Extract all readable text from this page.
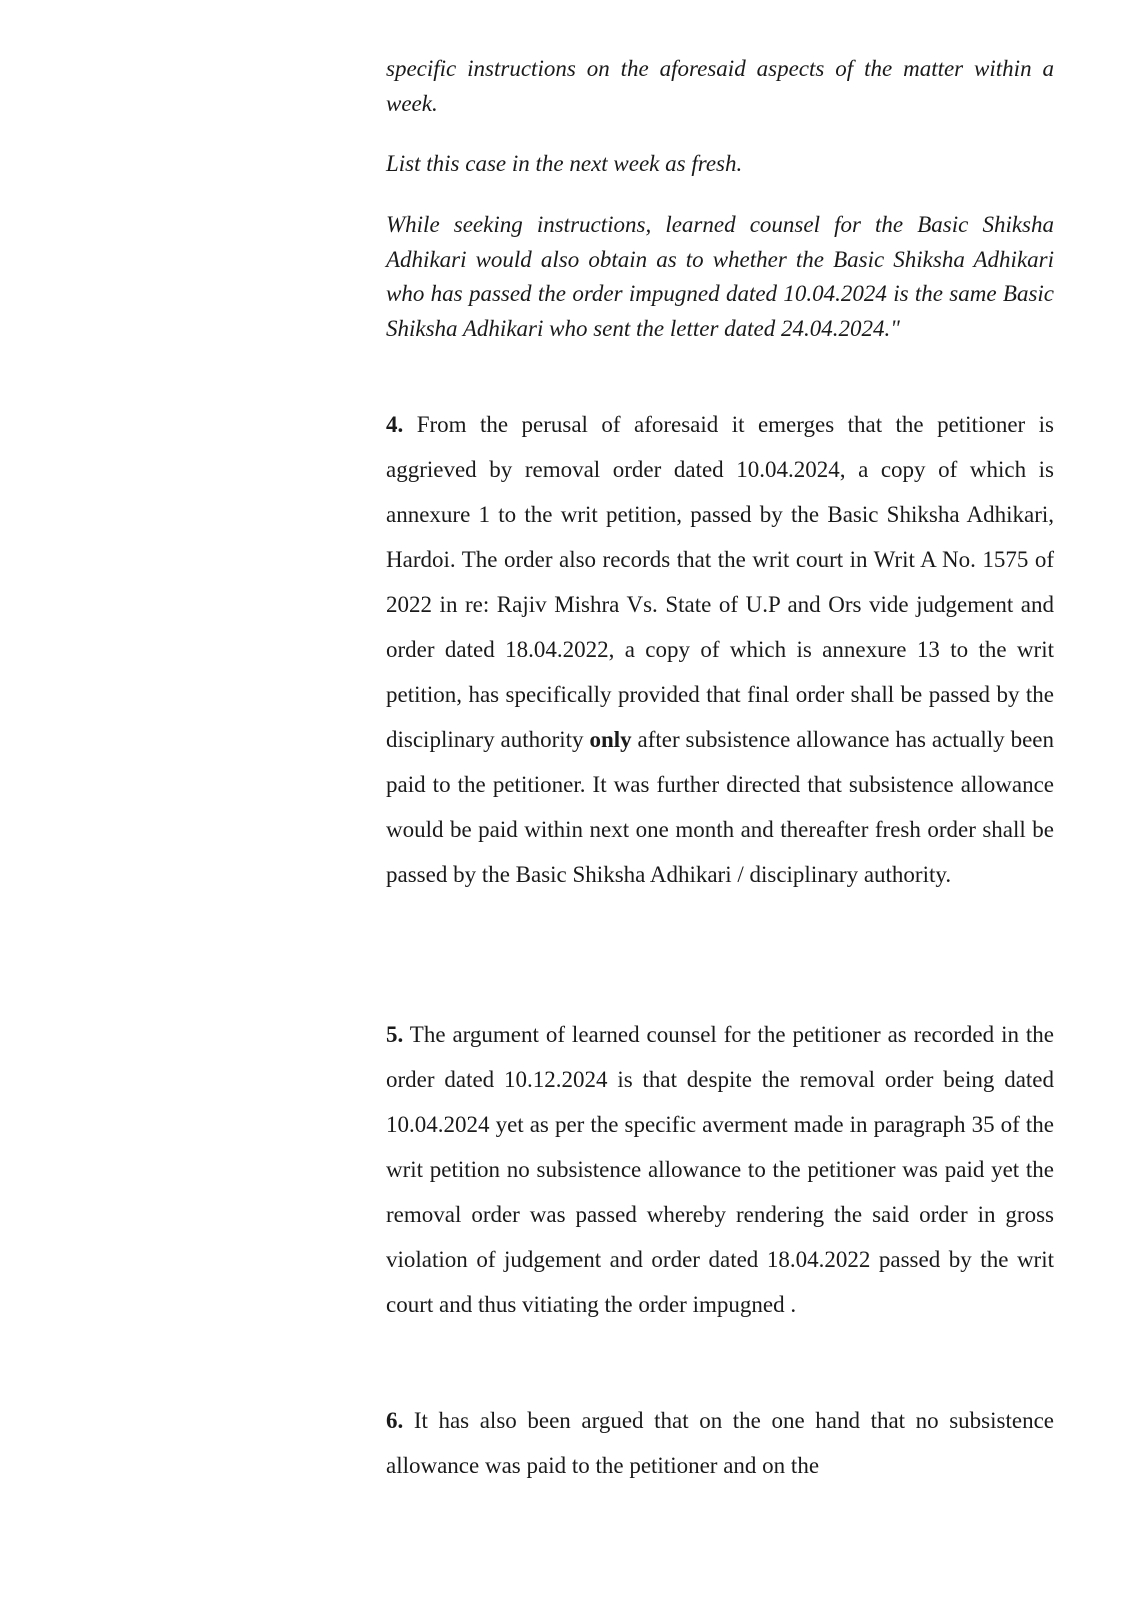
specific instructions on the aforesaid aspects of the matter within a week.

List this case in the next week as fresh.

While seeking instructions, learned counsel for the Basic Shiksha Adhikari would also obtain as to whether the Basic Shiksha Adhikari who has passed the order impugned dated 10.04.2024 is the same Basic Shiksha Adhikari who sent the letter dated 24.04.2024."

4. From the perusal of aforesaid it emerges that the petitioner is aggrieved by removal order dated 10.04.2024, a copy of which is annexure 1 to the writ petition, passed by the Basic Shiksha Adhikari, Hardoi. The order also records that the writ court in Writ A No. 1575 of 2022 in re: Rajiv Mishra Vs. State of U.P and Ors vide judgement and order dated 18.04.2022, a copy of which is annexure 13 to the writ petition, has specifically provided that final order shall be passed by the disciplinary authority only after subsistence allowance has actually been paid to the petitioner. It was further directed that subsistence allowance would be paid within next one month and thereafter fresh order shall be passed by the Basic Shiksha Adhikari / disciplinary authority.

5. The argument of learned counsel for the petitioner as recorded in the order dated 10.12.2024 is that despite the removal order being dated 10.04.2024 yet as per the specific averment made in paragraph 35 of the writ petition no subsistence allowance to the petitioner was paid yet the removal order was passed whereby rendering the said order in gross violation of judgement and order dated 18.04.2022 passed by the writ court and thus vitiating the order impugned .

6. It has also been argued that on the one hand that no subsistence allowance was paid to the petitioner and on the
